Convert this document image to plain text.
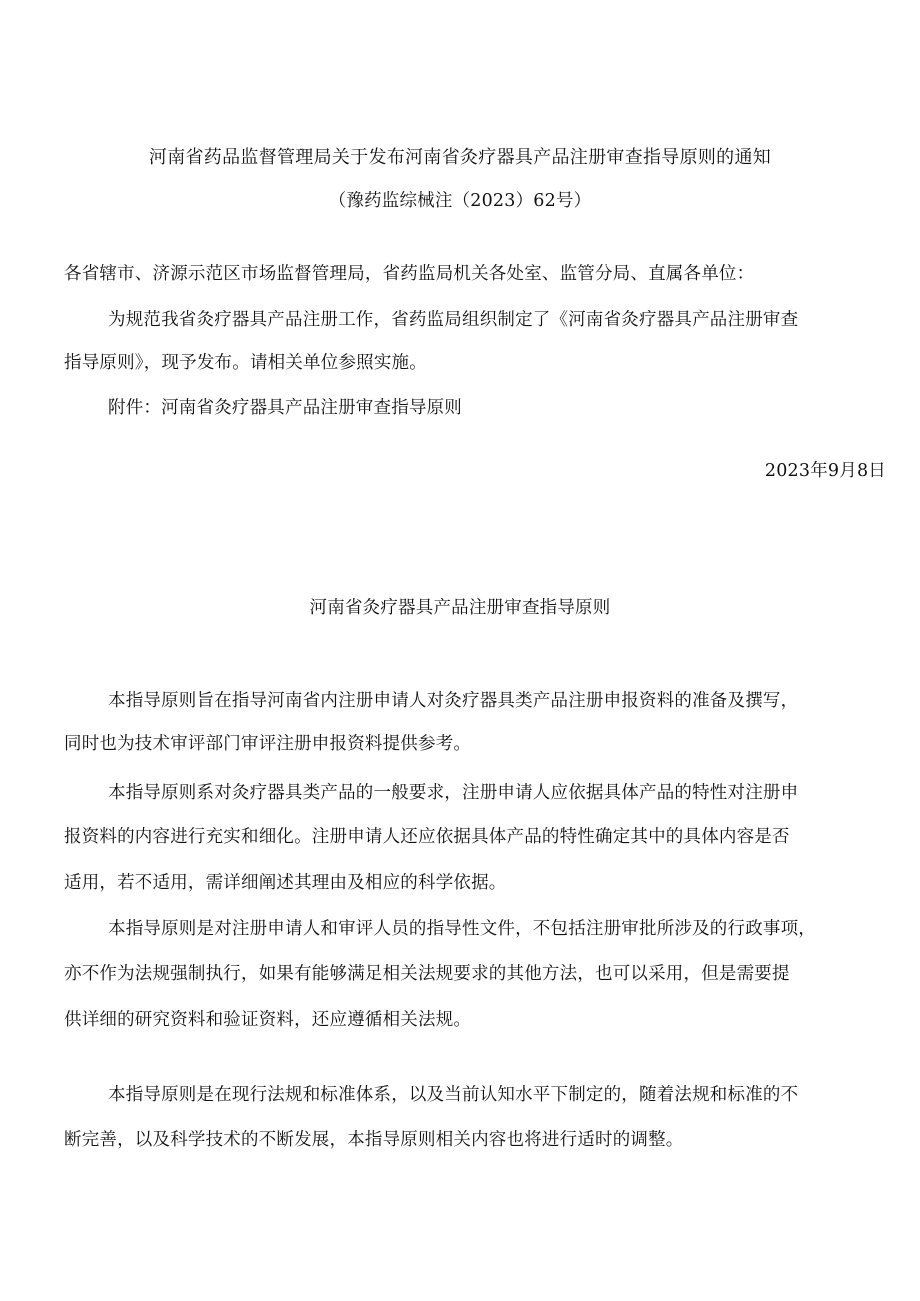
河南省药品监督管理局关于发布河南省灸疗器具产品注册审查指导原则的通知
（豫药监综械注（2023）62号）
各省辖市、济源示范区市场监督管理局，省药监局机关各处室、监管分局、直属各单位：
为规范我省灸疗器具产品注册工作，省药监局组织制定了《河南省灸疗器具产品注册审查
指导原则》，现予发布。请相关单位参照实施。
附件：河南省灸疗器具产品注册审查指导原则
2023年9月8日
河南省灸疗器具产品注册审查指导原则
本指导原则旨在指导河南省内注册申请人对灸疗器具类产品注册申报资料的准备及撰写，
同时也为技术审评部门审评注册申报资料提供参考。
本指导原则系对灸疗器具类产品的一般要求，注册申请人应依据具体产品的特性对注册申
报资料的内容进行充实和细化。注册申请人还应依据具体产品的特性确定其中的具体内容是否
适用，若不适用，需详细阐述其理由及相应的科学依据。
本指导原则是对注册申请人和审评人员的指导性文件，不包括注册审批所涉及的行政事项，
亦不作为法规强制执行，如果有能够满足相关法规要求的其他方法，也可以采用，但是需要提
供详细的研究资料和验证资料，还应遵循相关法规。
本指导原则是在现行法规和标准体系，以及当前认知水平下制定的，随着法规和标准的不
断完善，以及科学技术的不断发展，本指导原则相关内容也将进行适时的调整。
